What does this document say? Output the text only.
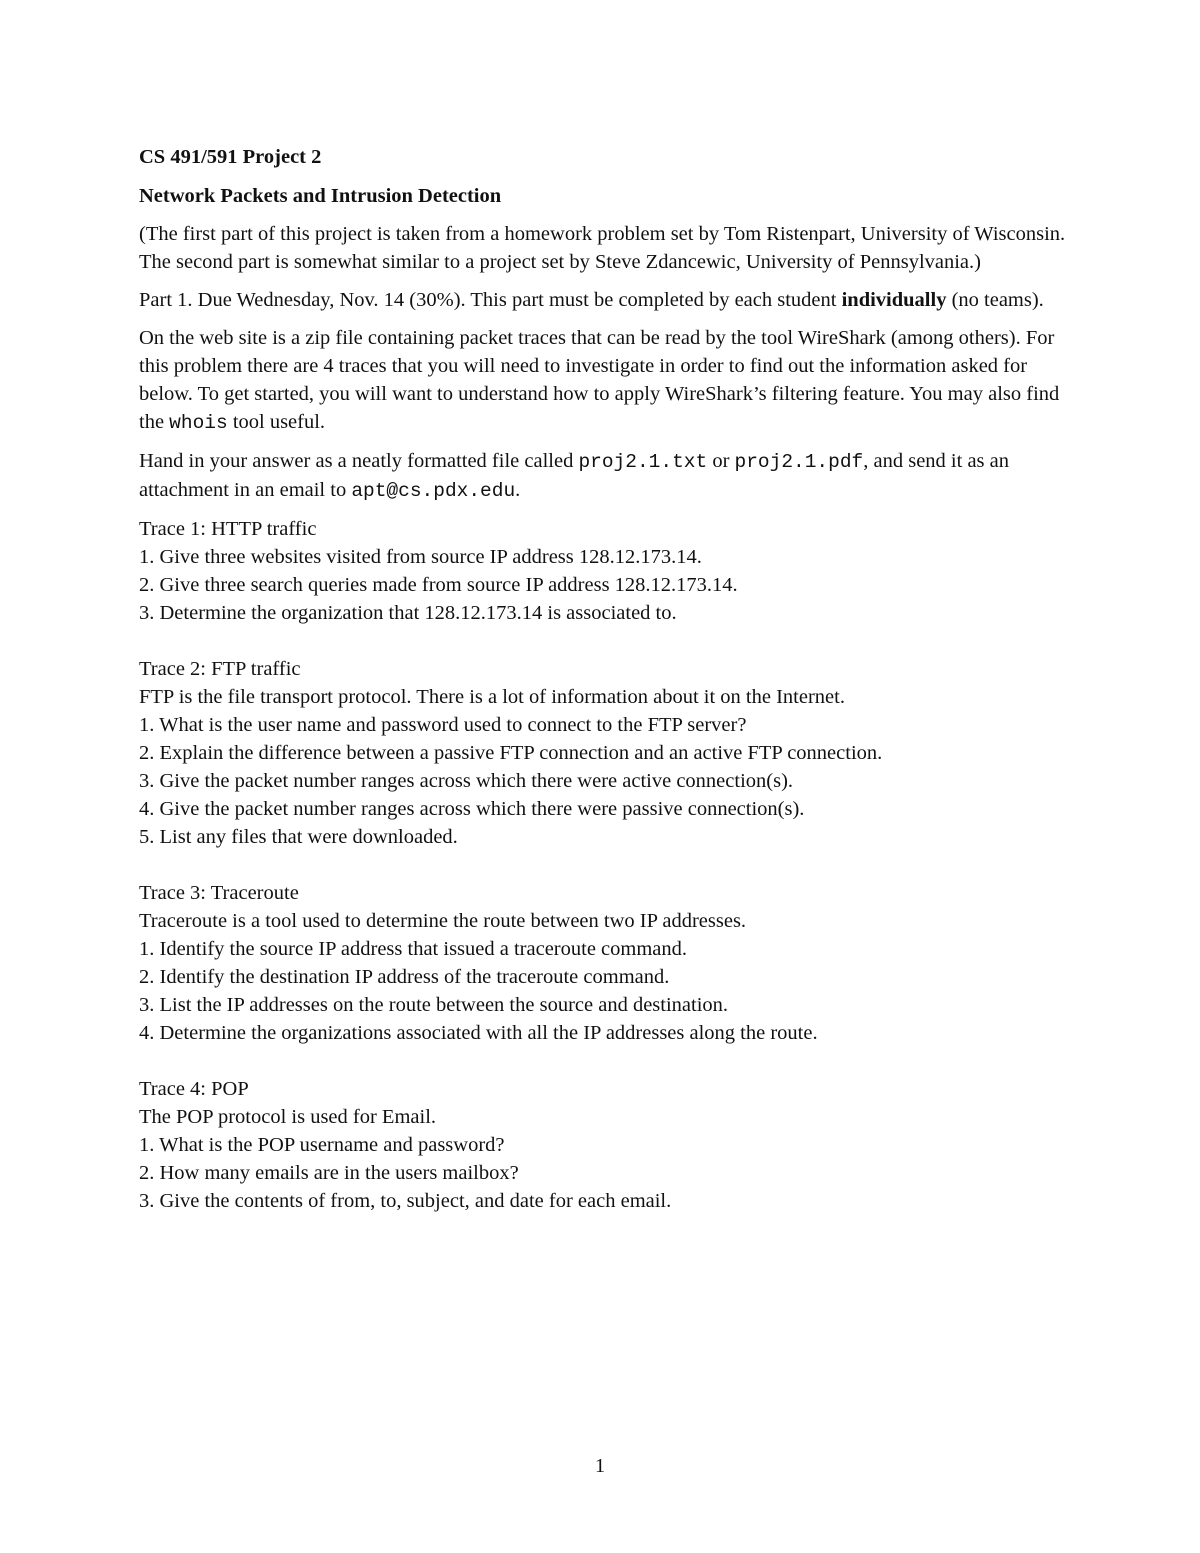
CS 491/591 Project 2
Network Packets and Intrusion Detection

(The first part of this project is taken from a homework problem set by Tom Ristenpart, University of Wisconsin. The second part is somewhat similar to a project set by Steve Zdancewic, University of Pennsylvania.)

Part 1. Due Wednesday, Nov. 14 (30%). This part must be completed by each student individually (no teams).

On the web site is a zip file containing packet traces that can be read by the tool WireShark (among others). For this problem there are 4 traces that you will need to investigate in order to find out the information asked for below. To get started, you will want to understand how to apply WireShark’s filtering feature. You may also find the whois tool useful.

Hand in your answer as a neatly formatted file called proj2.1.txt or proj2.1.pdf, and send it as an attachment in an email to apt@cs.pdx.edu.

Trace 1: HTTP traffic
1. Give three websites visited from source IP address 128.12.173.14.
2. Give three search queries made from source IP address 128.12.173.14.
3. Determine the organization that 128.12.173.14 is associated to.
Trace 2: FTP traffic
FTP is the file transport protocol. There is a lot of information about it on the Internet.
1. What is the user name and password used to connect to the FTP server?
2. Explain the difference between a passive FTP connection and an active FTP connection.
3. Give the packet number ranges across which there were active connection(s).
4. Give the packet number ranges across which there were passive connection(s).
5. List any files that were downloaded.
Trace 3: Traceroute
Traceroute is a tool used to determine the route between two IP addresses.
1. Identify the source IP address that issued a traceroute command.
2. Identify the destination IP address of the traceroute command.
3. List the IP addresses on the route between the source and destination.
4. Determine the organizations associated with all the IP addresses along the route.
Trace 4: POP
The POP protocol is used for Email.
1. What is the POP username and password?
2. How many emails are in the users mailbox?
3. Give the contents of from, to, subject, and date for each email.
1
